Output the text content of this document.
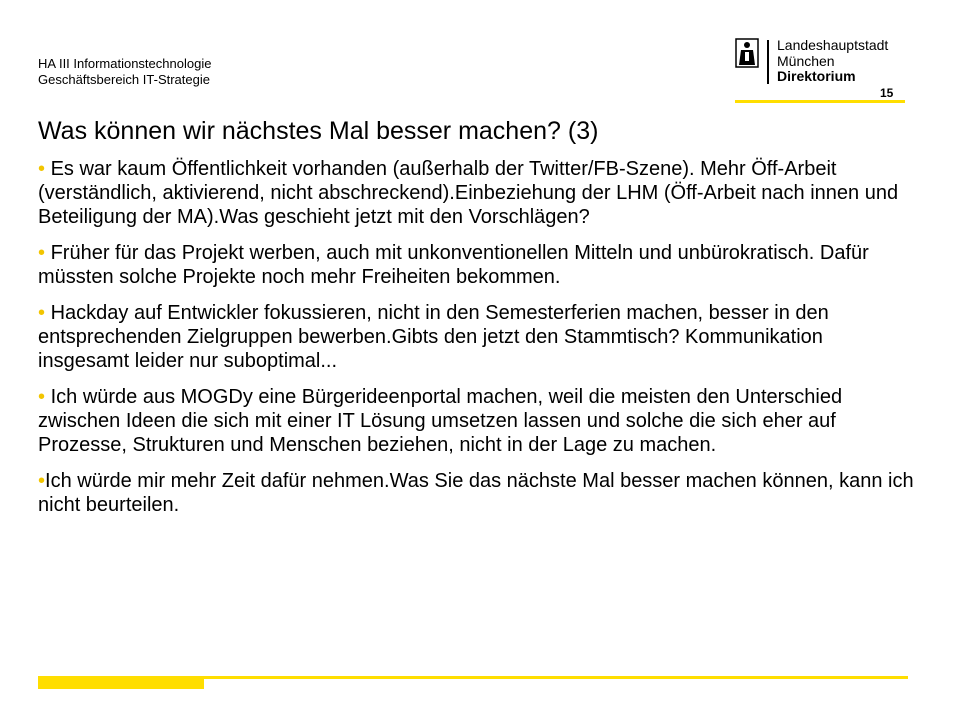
HA III Informationstechnologie
Geschäftsbereich IT-Strategie
Landeshauptstadt
München
Direktorium
15
Was können wir nächstes Mal besser machen? (3)
• Es war kaum Öffentlichkeit vorhanden (außerhalb der Twitter/FB-Szene). Mehr Öff-Arbeit (verständlich, aktivierend, nicht abschreckend).Einbeziehung der LHM (Öff-Arbeit nach innen und Beteiligung der MA).Was geschieht jetzt mit den Vorschlägen?
• Früher für das Projekt werben, auch mit unkonventionellen Mitteln und unbürokratisch. Dafür müssten solche Projekte noch mehr Freiheiten bekommen.
• Hackday auf Entwickler fokussieren, nicht in den Semesterferien machen, besser in den entsprechenden Zielgruppen bewerben.Gibts den jetzt den Stammtisch? Kommunikation insgesamt leider nur suboptimal...
• Ich würde aus MOGDy eine Bürgerideenportal machen, weil die meisten den Unterschied zwischen Ideen die sich mit einer IT Lösung umsetzen lassen und solche die sich eher auf Prozesse, Strukturen und Menschen beziehen, nicht in der Lage zu machen.
•Ich würde mir mehr Zeit dafür nehmen.Was Sie das nächste Mal besser machen können, kann ich nicht beurteilen.
